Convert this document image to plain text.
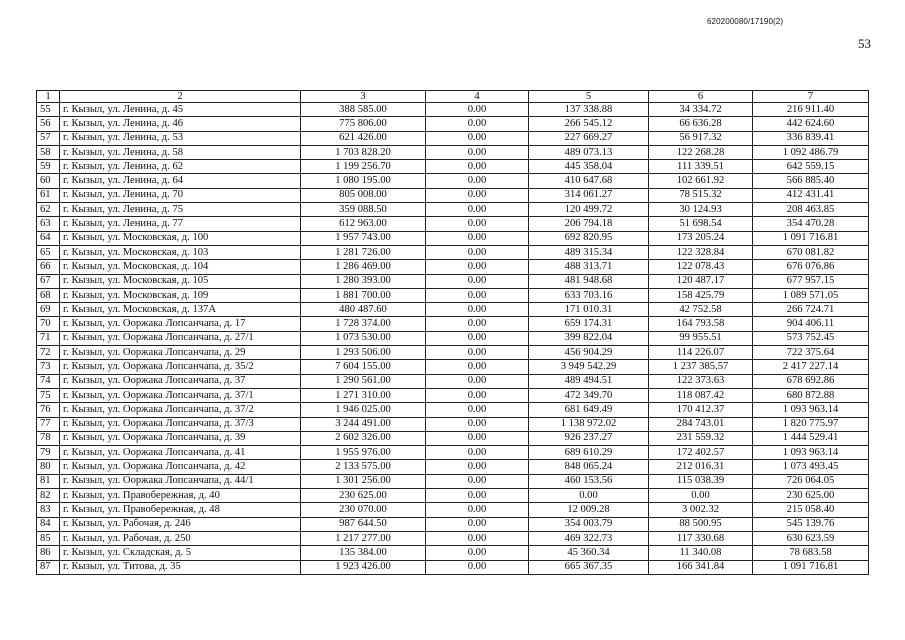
620200080/17190(2)
53
1	2	3	4	5	6	7
55	г. Кызыл, ул. Ленина, д. 45	388 585.00	0.00	137 338.88	34 334.72	216 911.40
56	г. Кызыл, ул. Ленина, д. 46	775 806.00	0.00	266 545.12	66 636.28	442 624.60
57	г. Кызыл, ул. Ленина, д. 53	621 426.00	0.00	227 669.27	56 917.32	336 839.41
58	г. Кызыл, ул. Ленина, д. 58	1 703 828.20	0.00	489 073.13	122 268.28	1 092 486.79
59	г. Кызыл, ул. Ленина, д. 62	1 199 256.70	0.00	445 358.04	111 339.51	642 559.15
60	г. Кызыл, ул. Ленина, д. 64	1 080 195.00	0.00	410 647.68	102 661.92	566 885.40
61	г. Кызыл, ул. Ленина, д. 70	805 008.00	0.00	314 061.27	78 515.32	412 431.41
62	г. Кызыл, ул. Ленина, д. 75	359 088.50	0.00	120 499.72	30 124.93	208 463.85
63	г. Кызыл, ул. Ленина, д. 77	612 963.00	0.00	206 794.18	51 698.54	354 470.28
64	г. Кызыл, ул. Московская, д. 100	1 957 743.00	0.00	692 820.95	173 205.24	1 091 716.81
65	г. Кызыл, ул. Московская, д. 103	1 281 726.00	0.00	489 315.34	122 328.84	670 081.82
66	г. Кызыл, ул. Московская, д. 104	1 286 469.00	0.00	488 313.71	122 078.43	676 076.86
67	г. Кызыл, ул. Московская, д. 105	1 280 393.00	0.00	481 948.68	120 487.17	677 957.15
68	г. Кызыл, ул. Московская, д. 109	1 881 700.00	0.00	633 703.16	158 425.79	1 089 571.05
69	г. Кызыл, ул. Московская, д. 137А	480 487.60	0.00	171 010.31	42 752.58	266 724.71
70	г. Кызыл, ул. Ооржака Лопсанчапа, д. 17	1 728 374.00	0.00	659 174.31	164 793.58	904 406.11
71	г. Кызыл, ул. Ооржака Лопсанчапа, д. 27/1	1 073 530.00	0.00	399 822.04	99 955.51	573 752.45
72	г. Кызыл, ул. Ооржака Лопсанчапа, д. 29	1 293 506.00	0.00	456 904.29	114 226.07	722 375.64
73	г. Кызыл, ул. Ооржака Лопсанчапа, д. 35/2	7 604 155.00	0.00	3 949 542.29	1 237 385.57	2 417 227.14
74	г. Кызыл, ул. Ооржака Лопсанчапа, д. 37	1 290 561.00	0.00	489 494.51	122 373.63	678 692.86
75	г. Кызыл, ул. Ооржака Лопсанчапа, д. 37/1	1 271 310.00	0.00	472 349.70	118 087.42	680 872.88
76	г. Кызыл, ул. Ооржака Лопсанчапа, д. 37/2	1 946 025.00	0.00	681 649.49	170 412.37	1 093 963.14
77	г. Кызыл, ул. Ооржака Лопсанчапа, д. 37/3	3 244 491.00	0.00	1 138 972.02	284 743.01	1 820 775.97
78	г. Кызыл, ул. Ооржака Лопсанчапа, д. 39	2 602 326.00	0.00	926 237.27	231 559.32	1 444 529.41
79	г. Кызыл, ул. Ооржака Лопсанчапа, д. 41	1 955 976.00	0.00	689 610.29	172 402.57	1 093 963.14
80	г. Кызыл, ул. Ооржака Лопсанчапа, д. 42	2 133 575.00	0.00	848 065.24	212 016.31	1 073 493.45
81	г. Кызыл, ул. Ооржака Лопсанчапа, д. 44/1	1 301 256.00	0.00	460 153.56	115 038.39	726 064.05
82	г. Кызыл, ул. Правобережная, д. 40	230 625.00	0.00	0.00	0.00	230 625.00
83	г. Кызыл, ул. Правобережная, д. 48	230 070.00	0.00	12 009.28	3 002.32	215 058.40
84	г. Кызыл, ул. Рабочая, д. 246	987 644.50	0.00	354 003.79	88 500.95	545 139.76
85	г. Кызыл, ул. Рабочая, д. 250	1 217 277.00	0.00	469 322.73	117 330.68	630 623.59
86	г. Кызыл, ул. Складская, д. 5	135 384.00	0.00	45 360.34	11 340.08	78 683.58
87	г. Кызыл, ул. Титова, д. 35	1 923 426.00	0.00	665 367.35	166 341.84	1 091 716.81
